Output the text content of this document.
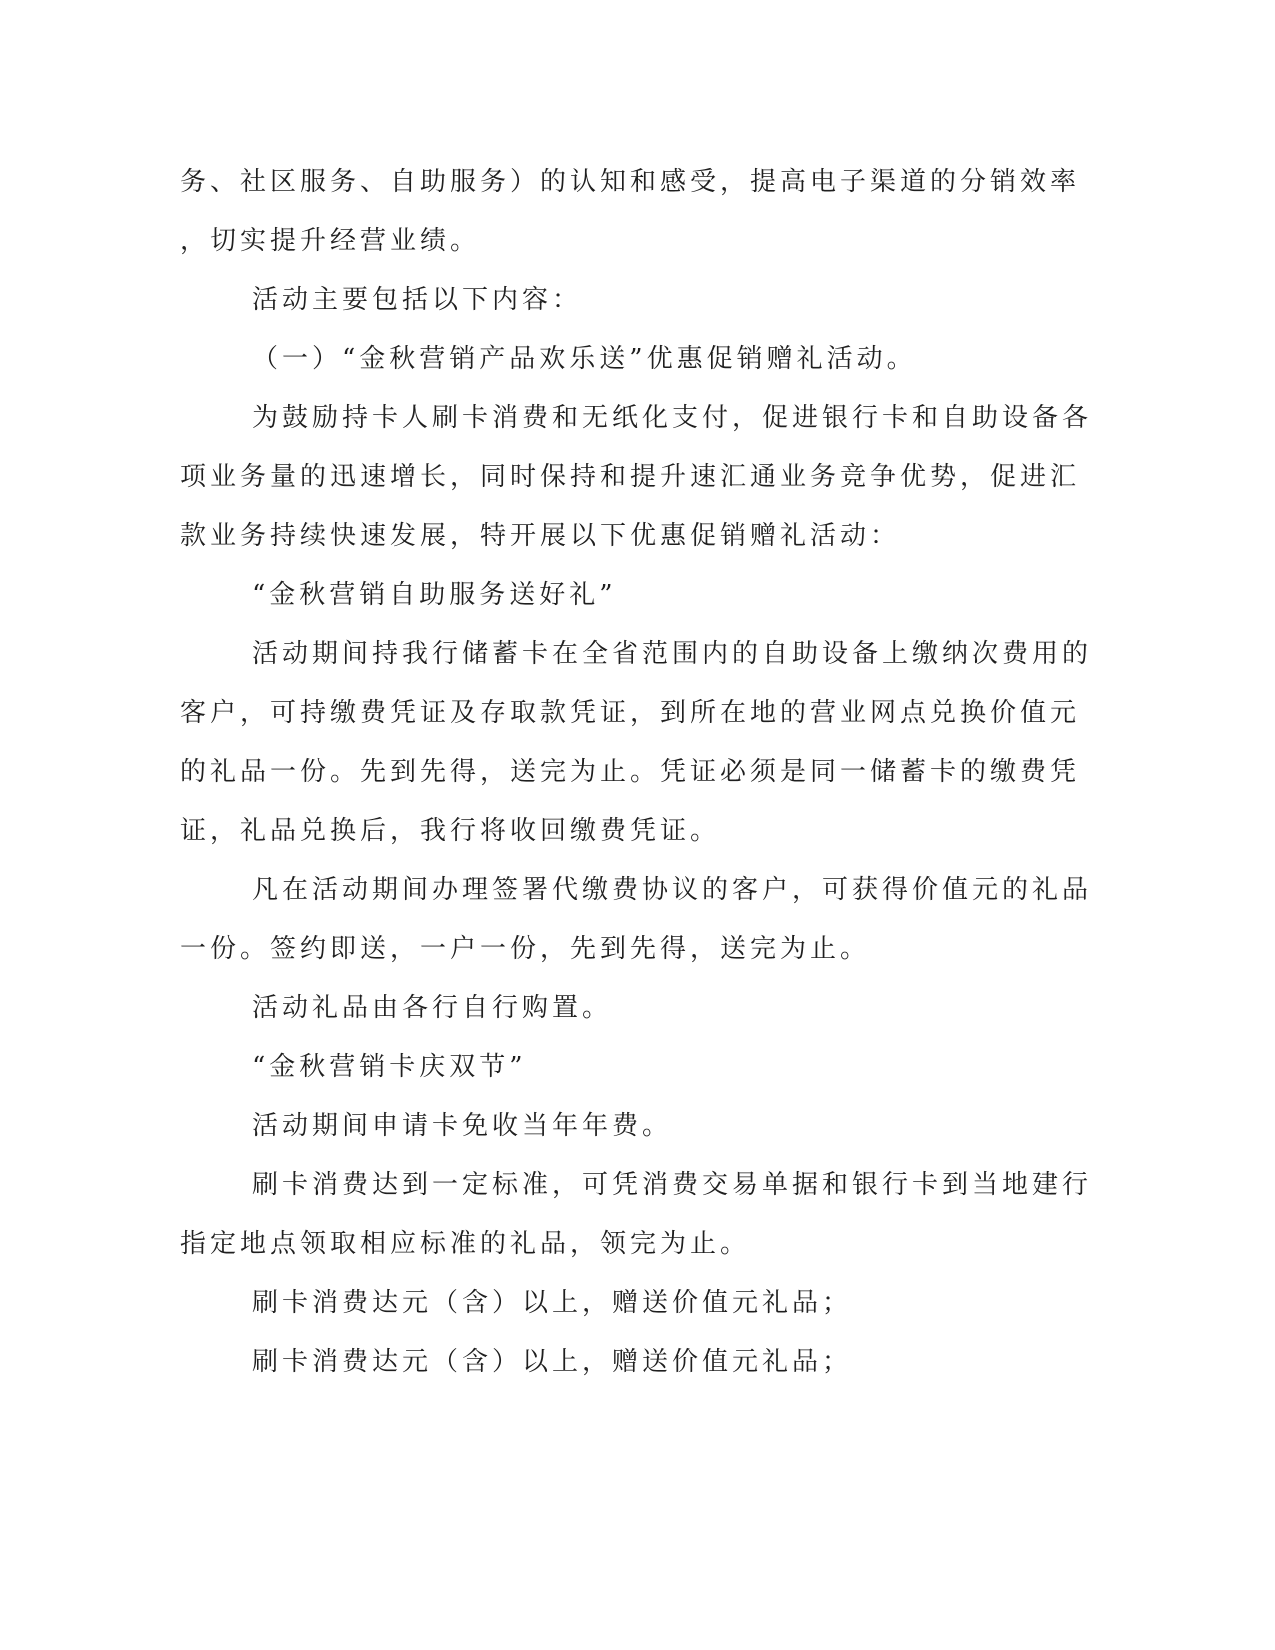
务、社区服务、自助服务）的认知和感受，提高电子渠道的分销效率

，切实提升经营业绩。

活动主要包括以下内容：

（一）“金秋营销产品欢乐送”优惠促销赠礼活动。

为鼓励持卡人刷卡消费和无纸化支付，促进银行卡和自助设备各

项业务量的迅速增长，同时保持和提升速汇通业务竞争优势，促进汇

款业务持续快速发展，特开展以下优惠促销赠礼活动：

“金秋营销自助服务送好礼”

活动期间持我行储蓄卡在全省范围内的自助设备上缴纳次费用的

客户，可持缴费凭证及存取款凭证，到所在地的营业网点兑换价值元

的礼品一份。先到先得，送完为止。凭证必须是同一储蓄卡的缴费凭

证，礼品兑换后，我行将收回缴费凭证。

凡在活动期间办理签署代缴费协议的客户，可获得价值元的礼品

一份。签约即送，一户一份，先到先得，送完为止。

活动礼品由各行自行购置。

“金秋营销卡庆双节”

活动期间申请卡免收当年年费。

刷卡消费达到一定标准，可凭消费交易单据和银行卡到当地建行

指定地点领取相应标准的礼品，领完为止。

刷卡消费达元（含）以上，赠送价值元礼品；

刷卡消费达元（含）以上，赠送价值元礼品；
